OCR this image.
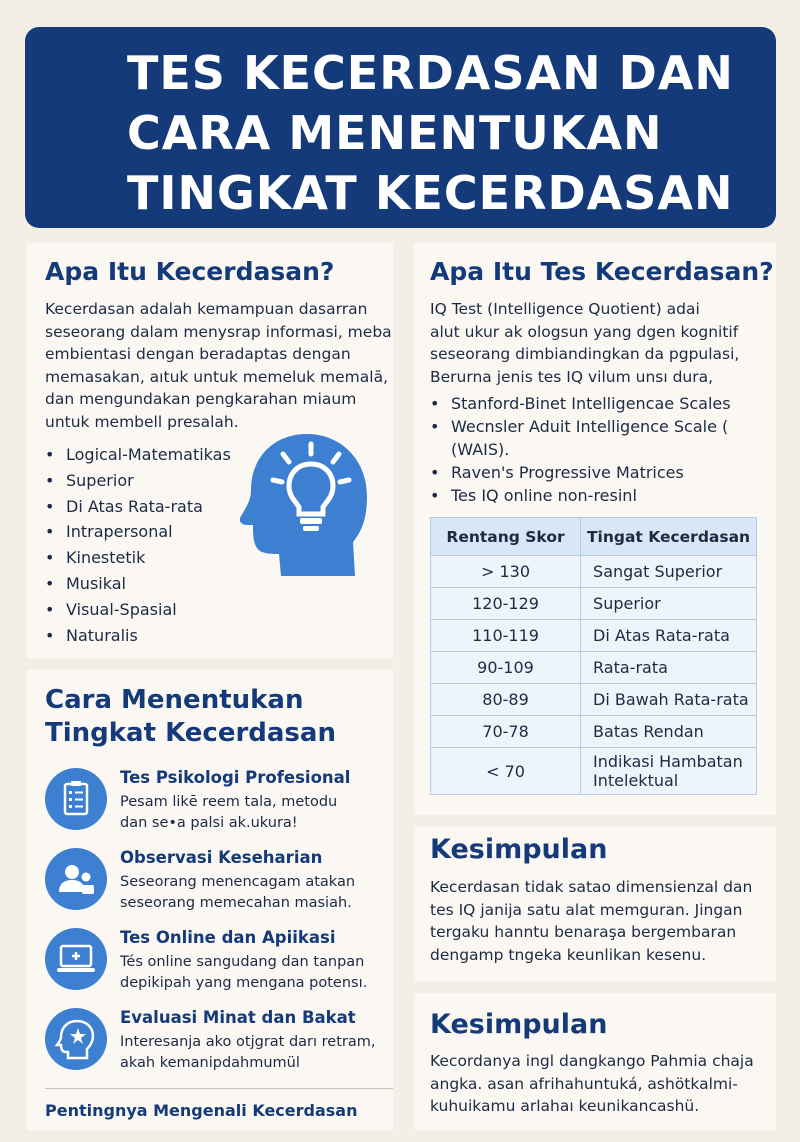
TES KECERDASAN DAN
CARA MENENTUKAN
TINGKAT KECERDASAN
Apa Itu Kecerdasan?
Kecerdasan adalah kemampuan dasarran
seseorang dalam menysrap informasi, meba
embientasi dengan beradaptas dengan
memasakan, aıtuk untuk memeluk memalā,
dan mengundakan pengkarahan miaum
untuk membell presalah.
• Logical-Matematikas
• Superior
• Di Atas Rata-rata
• Intrapersonal
• Kinestetik
• Musikal
• Visual-Spasial
• Naturalis
Apa Itu Tes Kecerdasan?
IQ Test (Intelligence Quotient) adai
alut ukur ak ologsun yang dgen kognitif
seseorang dimbiandingkan da pgpulasi,
Berurna jenis tes IQ vilum unsı dura,
• Stanford-Binet Intelligencae Scales
• Wecnsler Aduit Intelligence Scale (
(WAIS).
• Raven's Progressive Matrices
• Tes IQ online non-resinl
Rentang Skor	Tingat Kecerdasan
> 130	Sangat Superior
120-129	Superior
110-119	Di Atas Rata-rata
90-109	Rata-rata
80-89	Di Bawah Rata-rata
70-78	Batas Rendan
< 70	Indikasi Hambatan Intelektual
Cara Menentukan
Tingkat Kecerdasan
Tes Psikologi Profesional
Pesam likē reem tala, metodu
dan se•a palsi ak.ukura!
Observasi Keseharian
Seseorang menencagam atakan
seseorang memecahan masiah.
Tes Online dan Apiikasi
Tés online sangudang dan tanpan
depikipah yang mengana potensı.
Evaluasi Minat dan Bakat
Interesanja ako otjgrat darı retram,
akah kemanipdahmumül
Pentingnya Mengenali Kecerdasan
Kesimpulan
Kecerdasan tidak satao dimensienzal dan
tes IQ janija satu alat memguran. Jingan
tergaku hanntu benaraşa bergembaran
dengamp tngeka keunlikan kesenu.
Kesimpulan
Kecordanya ingl dangkango Pahmia chaja
angka. asan afrihahuntuká, ashötkalmi-
kuhuikamu arlahaı keunikancashü.
